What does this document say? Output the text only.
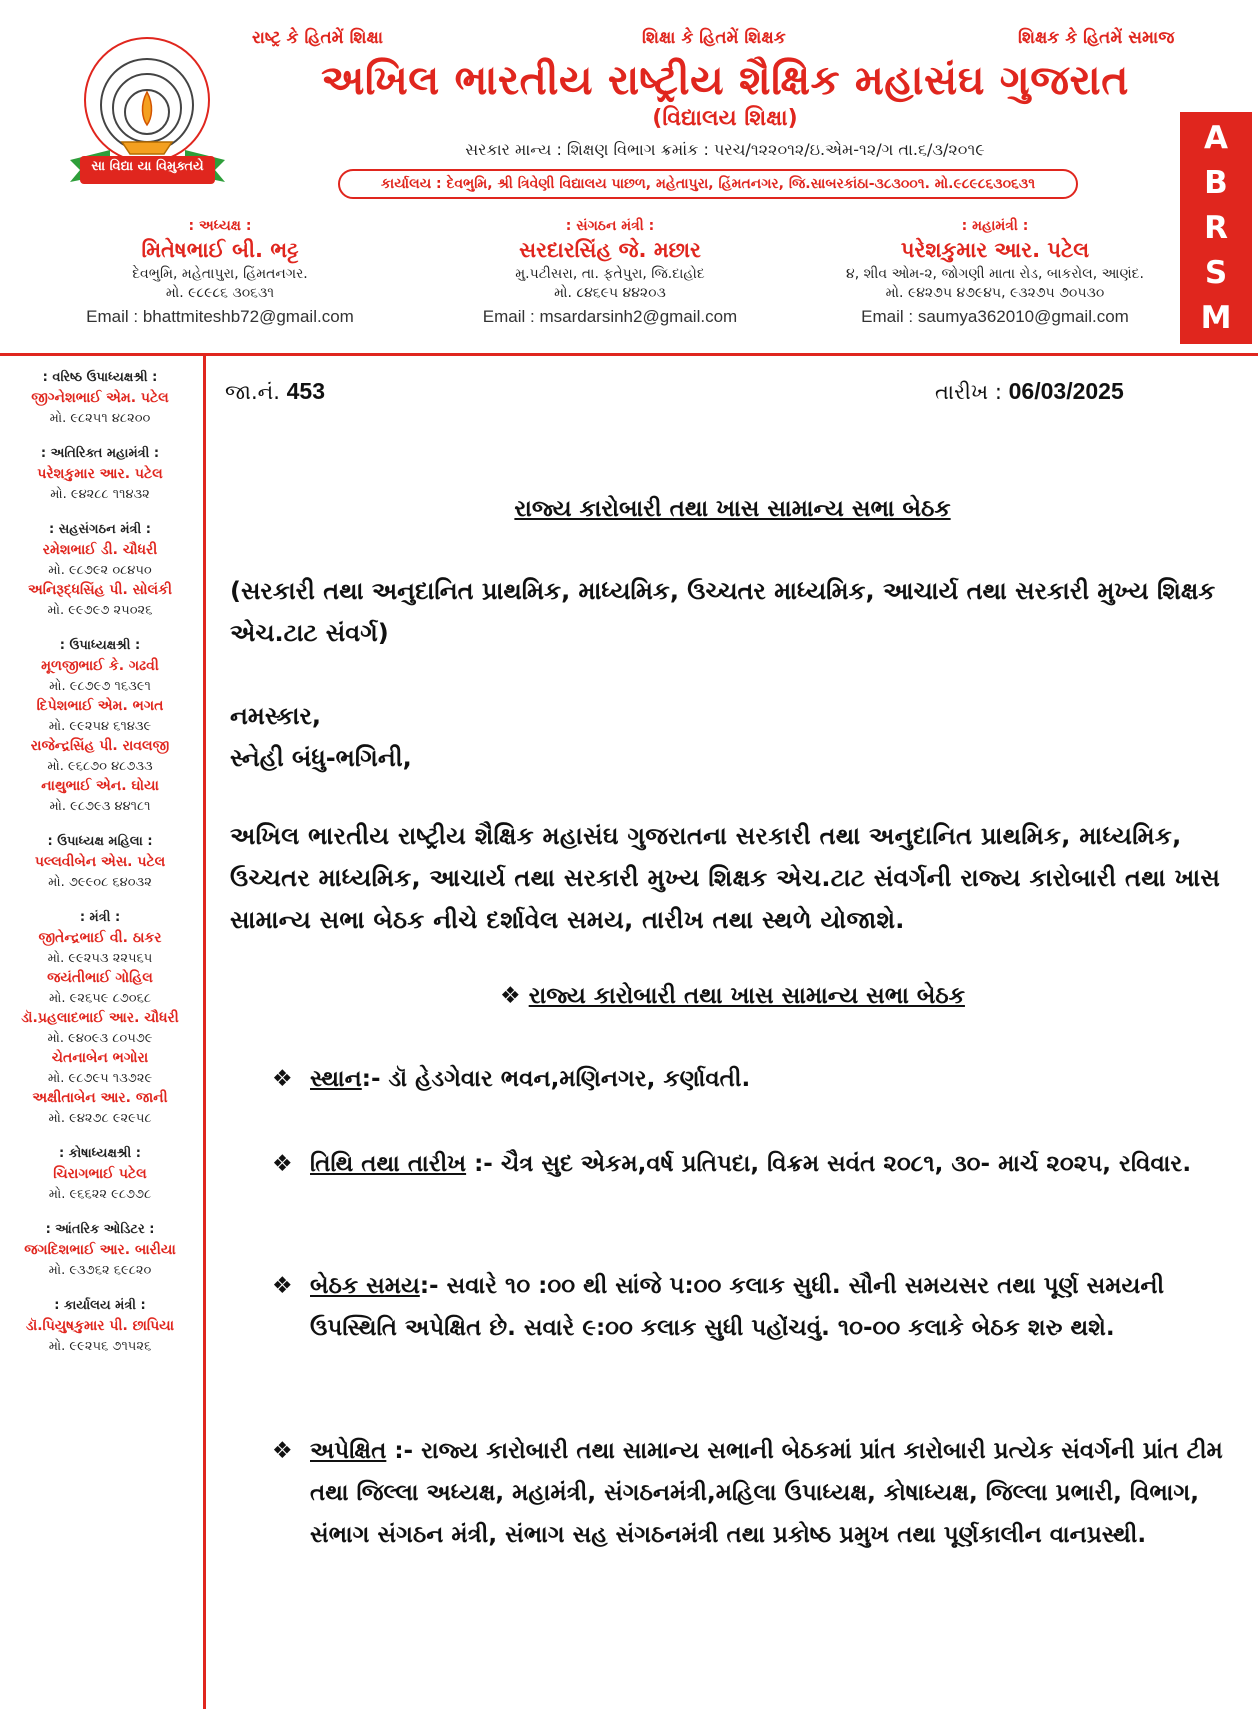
રાષ્ટ્ર કે હિતમેં શિક્ષા	શિક્ષા કે હિતમેં શિક્ષક	શિક્ષક કે હિતમેં સમાજ
સા વિદ્યા યા વિમુક્તયે
અખિલ ભારતીય રાષ્ટ્રીય શૈક્ષિક મહાસંઘ ગુજરાત
(વિદ્યાલય શિક્ષા)
સરકાર માન્ય : શિક્ષણ વિભાગ ક્રમાંક : પરચ/૧૨૨૦૧૨/ઇ.એમ-૧૨/ગ તા.૬/૩/૨૦૧૯
કાર્યાલય : દેવભુમિ, શ્રી ત્રિવેણી વિદ્યાલય પાછળ, મહેતાપુરા, હિંમતનગર, જિ.સાબરકાંઠા-૩૮૩૦૦૧. મો.૯૮૯૮૬૩૦૬૩૧
A
B
R
S
M
: અધ્યક્ષ :
મિતેષભાઈ બી. ભટ્ટ
દેવભુમિ, મહેતાપુરા, હિંમતનગર.
મો. ૯૮૯૮૬ ૩૦૬૩૧
Email : bhattmiteshb72@gmail.com
: સંગઠન મંત્રી :
સરદારસિંહ જે. મછાર
મુ.પટીસરા, તા. ફતેપુરા, જિ.દાહોદ
મો. ૮૪૬૯૫ ૪૪૨૦૩
Email : msardarsinh2@gmail.com
: મહામંત્રી :
પરેશકુમાર આર. પટેલ
૪, શીવ ઓમ-૨, જોગણી માતા રોડ, બાકરોલ, આણંદ.
મો. ૯૪૨૭૫ ૪૭૯૪૫, ૯૩૨૭૫ ૭૦૫૩૦
Email : saumya362010@gmail.com
: વરિષ્ઠ ઉપાધ્યક્ષશ્રી :
જીગ્નેશભાઈ એમ. પટેલ
મો. ૯૮૨૫૧ ૪૮૨૦૦
: અતિરિક્ત મહામંત્રી :
પરેશકુમાર આર. પટેલ
મો. ૯૪૨૮૮ ૧૧૪૩૨
: સહસંગઠન મંત્રી :
રમેશભાઈ ડી. ચૌધરી
મો. ૯૮૭૯૨ ૦૮૪૫૦
અનિરૂદ્ધસિંહ પી. સોલંકી
મો. ૯૯૭૯૭ ૨૫૦૨૬
: ઉપાધ્યક્ષશ્રી :
મૂળજીભાઈ કે. ગઢવી
મો. ૯૮૭૯૭ ૧૬૩૯૧
દિપેશભાઈ એમ. ભગત
મો. ૯૯૨૫૪ ૬૧૪૩૯
રાજેન્દ્રસિંહ પી. રાવલજી
મો. ૯૬૮૭૦ ૪૮૭૩૩
નાથુભાઈ એન. ઘોયા
મો. ૯૮૭૯૩ ૪૪૧૮૧
: ઉપાધ્યક્ષ મહિલા :
પલ્લવીબેન એસ. પટેલ
મો. ૭૯૯૦૮ ૬૪૦૩૨
: મંત્રી :
જીતેન્દ્રભાઈ વી. ઠાકર
મો. ૯૯૨૫૩ ૨૨૫૬૫
જયંતીભાઈ ગોહિલ
મો. ૯૨૬૫૯ ૮૭૦૬૮
ડૉ.પ્રહલાદભાઈ આર. ચૌધરી
મો. ૯૪૦૯૩ ૮૦૫૭૯
ચેતનાબેન ભગોરા
મો. ૯૮૭૯૫ ૧૩૭૨૯
અક્ષીતાબેન આર. જાની
મો. ૯૪૨૭૮ ૯૨૯૫૮
: કોષાધ્યક્ષશ્રી :
ચિરાગભાઈ પટેલ
મો. ૯૬૬૨૨ ૯૮૭૭૮
: આંતરિક ઓડિટર :
જગદિશભાઈ આર. બારીયા
મો. ૯૩૭૬૨ ૬૯૮૨૦
: કાર્યાલય મંત્રી :
ડૉ.પિયુષકુમાર પી. છાપિયા
મો. ૯૯૨૫૬ ૭૧૫૨૬
જા.નં. 453	તારીખ : 06/03/2025
રાજ્ય કારોબારી તથા ખાસ સામાન્ય સભા બેઠક
(સરકારી તથા અનુદાનિત પ્રાથમિક, માધ્યમિક, ઉચ્ચતર માધ્યમિક, આચાર્ય તથા સરકારી મુખ્ય શિક્ષક એચ.ટાટ સંવર્ગ)
નમસ્કાર,
સ્નેહી બંધુ-ભગિની,
અખિલ ભારતીય રાષ્ટ્રીય શૈક્ષિક મહાસંઘ ગુજરાતના સરકારી તથા અનુદાનિત પ્રાથમિક, માધ્યમિક, ઉચ્ચતર માધ્યમિક, આચાર્ય તથા સરકારી મુખ્ય શિક્ષક એચ.ટાટ સંવર્ગની રાજ્ય કારોબારી તથા ખાસ સામાન્ય સભા બેઠક નીચે દર્શાવેલ સમય, તારીખ તથા સ્થળે યોજાશે.
❖ રાજ્ય કારોબારી તથા ખાસ સામાન્ય સભા બેઠક
❖ સ્થાન:- ડૉ હેડગેવાર ભવન,મણિનગર, કર્ણાવતી.
❖ તિથિ તથા તારીખ :- ચૈત્ર સુદ એકમ,વર્ષ પ્રતિપદા, વિક્રમ સવંત ૨૦૮૧, ૩૦- માર્ચ ૨૦૨૫, રવિવાર.
❖ બેઠક સમય:- સવારે ૧૦ :૦૦ થી સાંજે ૫:૦૦ કલાક સુધી. સૌની સમયસર તથા પૂર્ણ સમયની ઉપસ્થિતિ અપેક્ષિત છે. સવારે ૯:૦૦ કલાક સુધી પહોંચવું. ૧૦-૦૦ કલાકે બેઠક શરુ થશે.
❖ અપેક્ષિત :- રાજ્ય કારોબારી તથા સામાન્ય સભાની બેઠકમાં પ્રાંત કારોબારી પ્રત્યેક સંવર્ગની પ્રાંત ટીમ તથા જિલ્લા અધ્યક્ષ, મહામંત્રી, સંગઠનમંત્રી,મહિલા ઉપાધ્યક્ષ, કોષાધ્યક્ષ, જિલ્લા પ્રભારી, વિભાગ, સંભાગ સંગઠન મંત્રી, સંભાગ સહ સંગઠનમંત્રી તથા પ્રકોષ્ઠ પ્રમુખ તથા પૂર્ણકાલીન વાનપ્રસ્થી.
